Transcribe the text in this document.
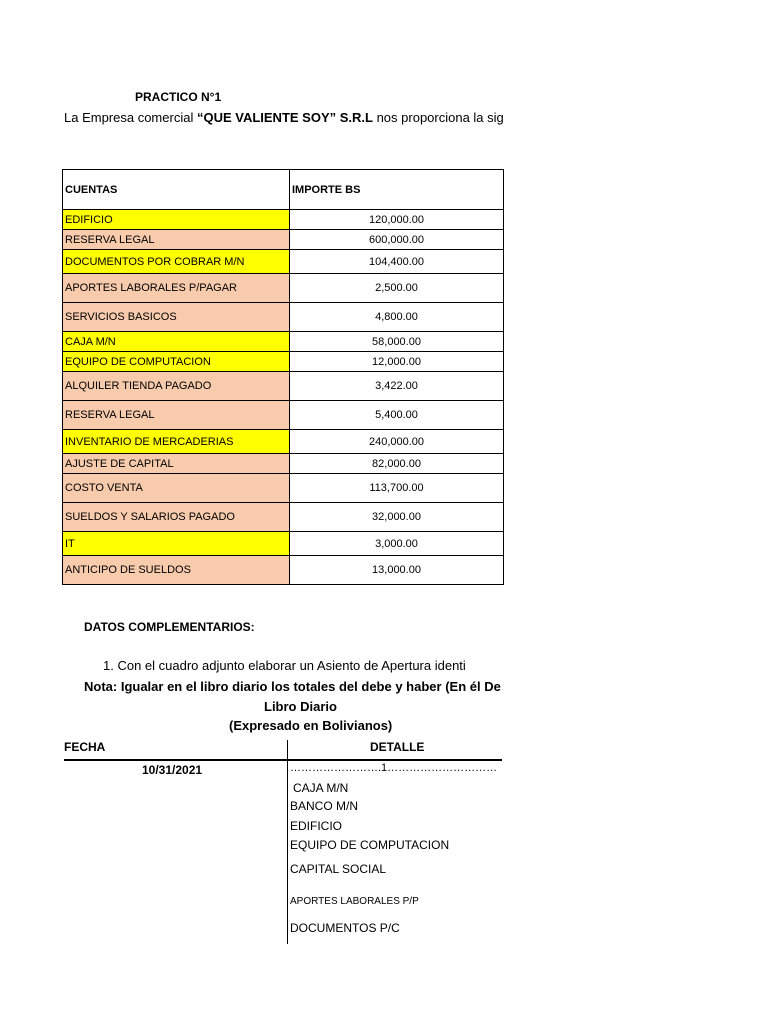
PRACTICO N°1
La Empresa comercial “QUE VALIENTE SOY” S.R.L nos proporciona la sig
CUENTAS	IMPORTE BS
EDIFICIO	120,000.00
RESERVA LEGAL	600,000.00
DOCUMENTOS POR COBRAR M/N	104,400.00
APORTES LABORALES P/PAGAR	2,500.00
SERVICIOS BASICOS	4,800.00
CAJA M/N	58,000.00
EQUIPO DE COMPUTACION	12,000.00
ALQUILER TIENDA PAGADO	3,422.00
RESERVA LEGAL	5,400.00
INVENTARIO DE MERCADERIAS	240,000.00
AJUSTE DE CAPITAL	82,000.00
COSTO VENTA	113,700.00
SUELDOS Y SALARIOS PAGADO	32,000.00
IT	3,000.00
ANTICIPO DE SUELDOS	13,000.00
DATOS COMPLEMENTARIOS:
1. Con el cuadro adjunto elaborar un Asiento de Apertura identi
Nota: Igualar en el libro diario los totales del debe y haber (En él De
Libro Diario
(Expresado en Bolivianos)
FECHA	DETALLE
10/31/2021	…………………….1…………………………
CAJA M/N
BANCO M/N
EDIFICIO
EQUIPO DE COMPUTACION
CAPITAL SOCIAL
APORTES LABORALES P/P
DOCUMENTOS P/C
